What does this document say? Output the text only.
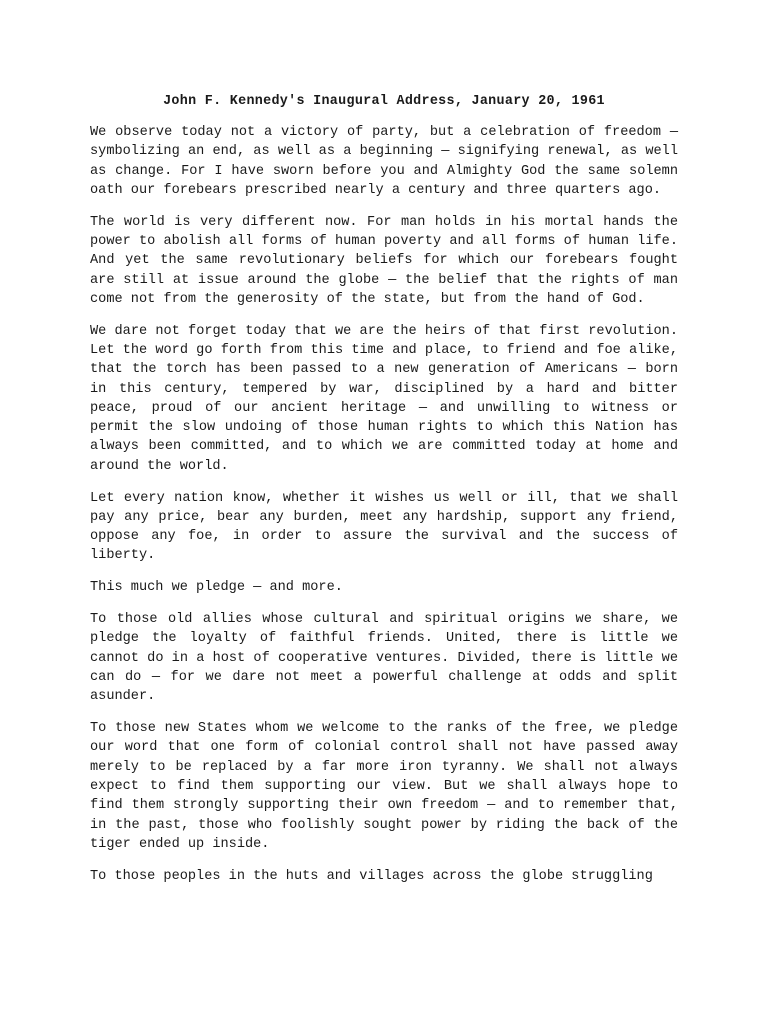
John F. Kennedy's Inaugural Address, January 20, 1961

We observe today not a victory of party, but a celebration of freedom — symbolizing an end, as well as a beginning — signifying renewal, as well as change. For I have sworn before you and Almighty God the same solemn oath our forebears prescribed nearly a century and three quarters ago.

The world is very different now. For man holds in his mortal hands the power to abolish all forms of human poverty and all forms of human life. And yet the same revolutionary beliefs for which our forebears fought are still at issue around the globe — the belief that the rights of man come not from the generosity of the state, but from the hand of God.

We dare not forget today that we are the heirs of that first revolution. Let the word go forth from this time and place, to friend and foe alike, that the torch has been passed to a new generation of Americans — born in this century, tempered by war, disciplined by a hard and bitter peace, proud of our ancient heritage — and unwilling to witness or permit the slow undoing of those human rights to which this Nation has always been committed, and to which we are committed today at home and around the world.

Let every nation know, whether it wishes us well or ill, that we shall pay any price, bear any burden, meet any hardship, support any friend, oppose any foe, in order to assure the survival and the success of liberty.

This much we pledge — and more.

To those old allies whose cultural and spiritual origins we share, we pledge the loyalty of faithful friends. United, there is little we cannot do in a host of cooperative ventures. Divided, there is little we can do — for we dare not meet a powerful challenge at odds and split asunder.

To those new States whom we welcome to the ranks of the free, we pledge our word that one form of colonial control shall not have passed away merely to be replaced by a far more iron tyranny. We shall not always expect to find them supporting our view. But we shall always hope to find them strongly supporting their own freedom — and to remember that, in the past, those who foolishly sought power by riding the back of the tiger ended up inside.

To those peoples in the huts and villages across the globe struggling
